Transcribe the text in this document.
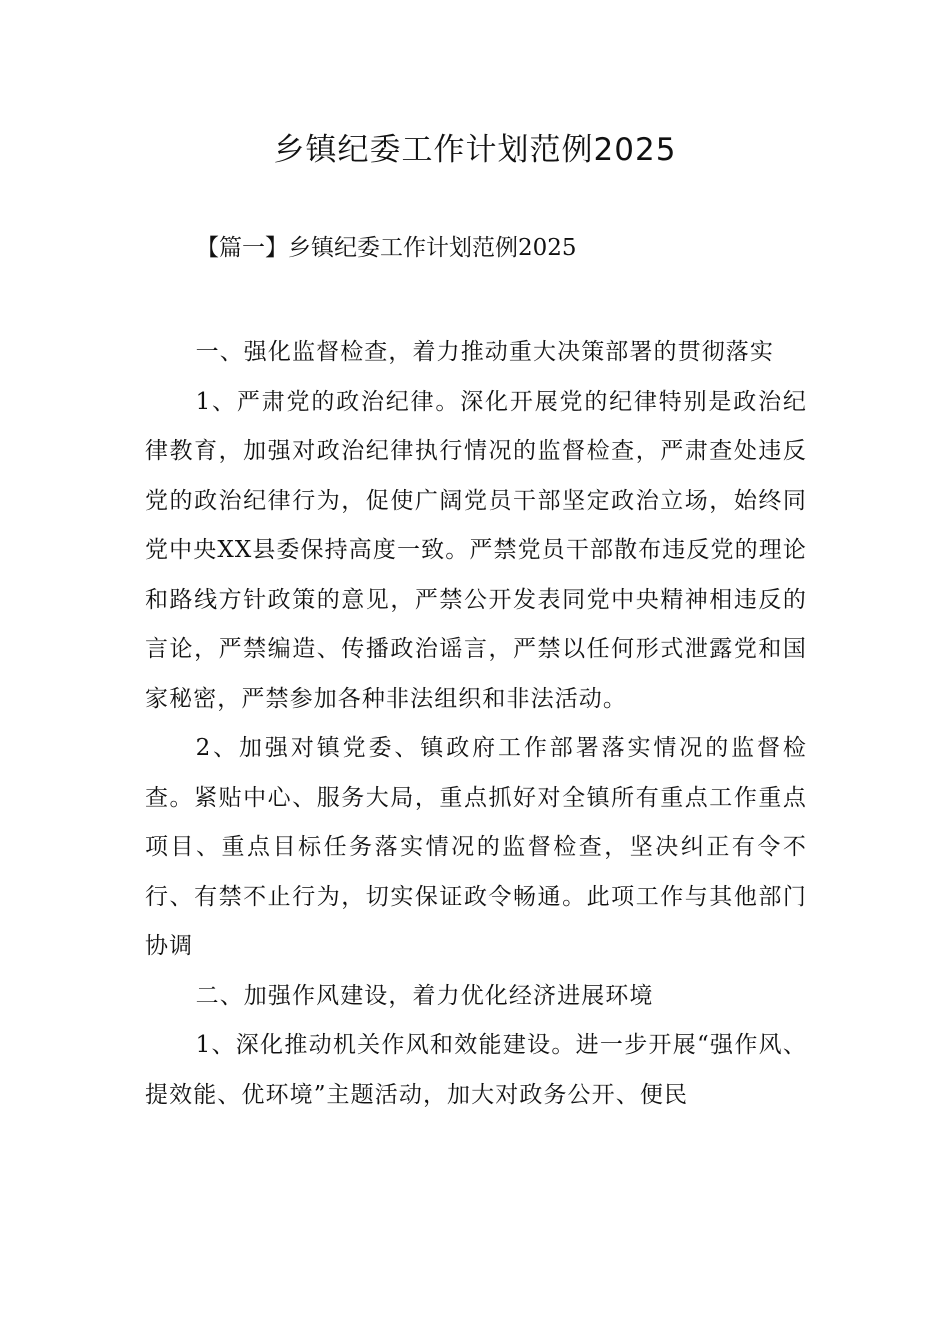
乡镇纪委工作计划范例2025

【篇一】乡镇纪委工作计划范例2025

一、强化监督检查，着力推动重大决策部署的贯彻落实

1、严肃党的政治纪律。深化开展党的纪律特别是政治纪律教育，加强对政治纪律执行情况的监督检查，严肃查处违反党的政治纪律行为，促使广阔党员干部坚定政治立场，始终同党中央XX县委保持高度一致。严禁党员干部散布违反党的理论和路线方针政策的意见，严禁公开发表同党中央精神相违反的言论，严禁编造、传播政治谣言，严禁以任何形式泄露党和国家秘密，严禁参加各种非法组织和非法活动。

2、加强对镇党委、镇政府工作部署落实情况的监督检查。紧贴中心、服务大局，重点抓好对全镇所有重点工作重点项目、重点目标任务落实情况的监督检查，坚决纠正有令不行、有禁不止行为，切实保证政令畅通。此项工作与其他部门协调

二、加强作风建设，着力优化经济进展环境

1、深化推动机关作风和效能建设。进一步开展“强作风、提效能、优环境”主题活动，加大对政务公开、便民
